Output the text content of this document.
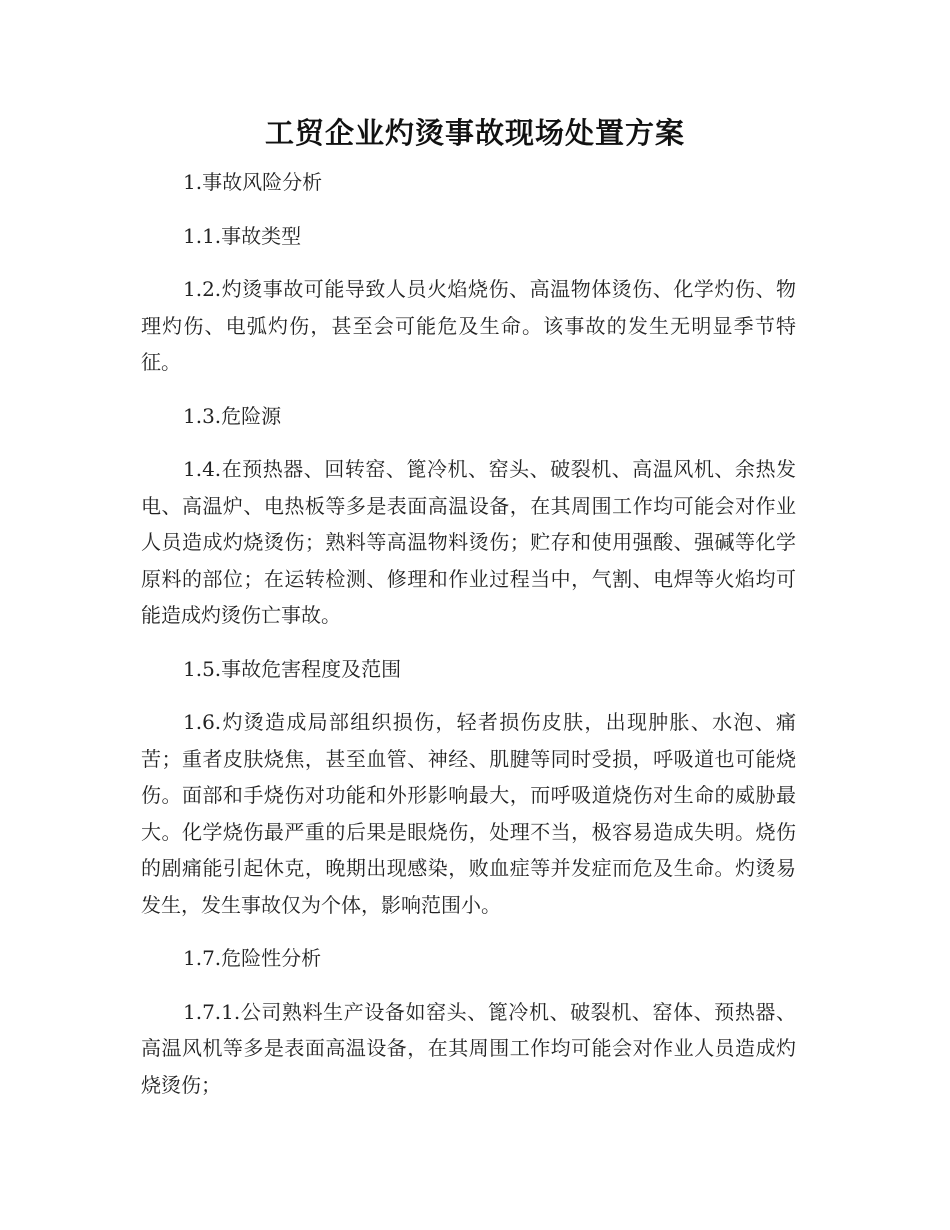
工贸企业灼烫事故现场处置方案

1.事故风险分析

1.1.事故类型

1.2.灼烫事故可能导致人员火焰烧伤、高温物体烫伤、化学灼伤、物理灼伤、电弧灼伤，甚至会可能危及生命。该事故的发生无明显季节特征。

1.3.危险源

1.4.在预热器、回转窑、篦冷机、窑头、破裂机、高温风机、余热发电、高温炉、电热板等多是表面高温设备，在其周围工作均可能会对作业人员造成灼烧烫伤；熟料等高温物料烫伤；贮存和使用强酸、强碱等化学原料的部位；在运转检测、修理和作业过程当中，气割、电焊等火焰均可能造成灼烫伤亡事故。

1.5.事故危害程度及范围

1.6.灼烫造成局部组织损伤，轻者损伤皮肤，出现肿胀、水泡、痛苦；重者皮肤烧焦，甚至血管、神经、肌腱等同时受损，呼吸道也可能烧伤。面部和手烧伤对功能和外形影响最大，而呼吸道烧伤对生命的威胁最大。化学烧伤最严重的后果是眼烧伤，处理不当，极容易造成失明。烧伤的剧痛能引起休克，晚期出现感染，败血症等并发症而危及生命。灼烫易发生，发生事故仅为个体，影响范围小。

1.7.危险性分析

1.7.1.公司熟料生产设备如窑头、篦冷机、破裂机、窑体、预热器、高温风机等多是表面高温设备，在其周围工作均可能会对作业人员造成灼烧烫伤；
